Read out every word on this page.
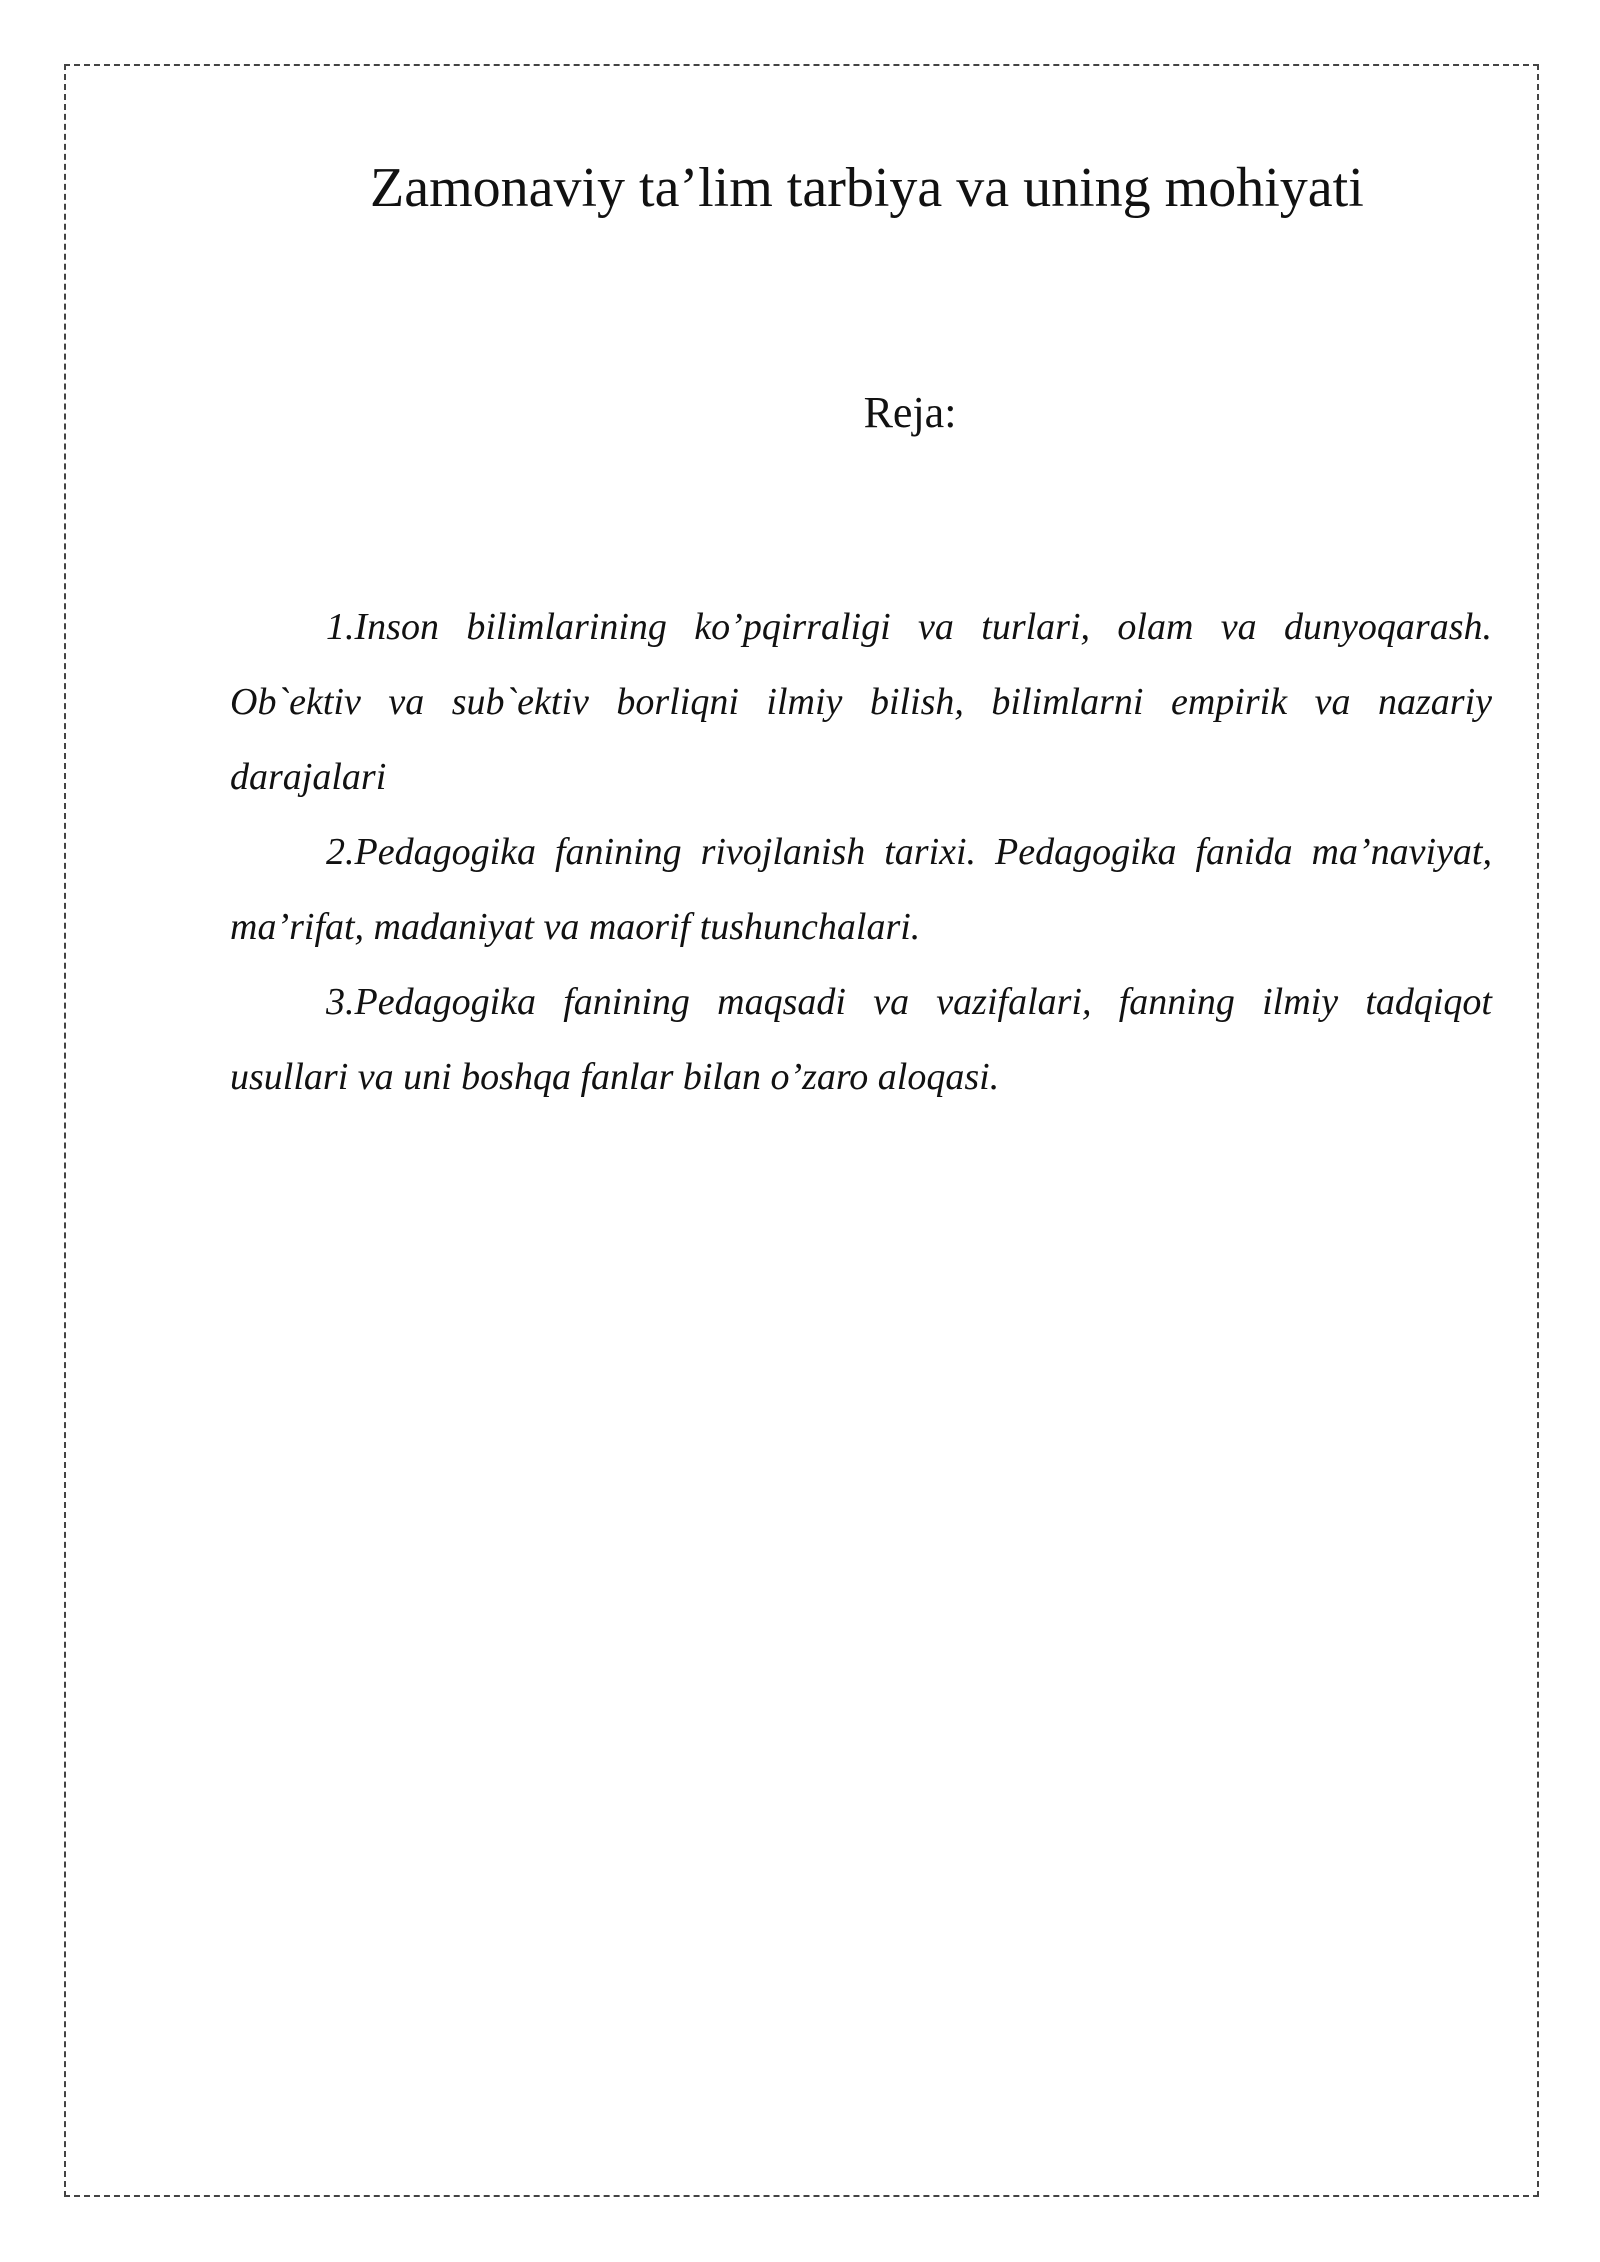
Zamonaviy ta’lim tarbiya va uning mohiyati
Reja:

1.Inson bilimlarining ko’pqirraligi va turlari, olam va dunyoqarash. Ob`ektiv va sub`ektiv borliqni ilmiy bilish, bilimlarni empirik va nazariy darajalari

2.Pedagogika fanining rivojlanish tarixi. Pedagogika fanida ma’naviyat, ma’rifat, madaniyat va maorif tushunchalari.

3.Pedagogika fanining maqsadi va vazifalari, fanning ilmiy tadqiqot usullari va uni boshqa fanlar bilan o’zaro aloqasi.
